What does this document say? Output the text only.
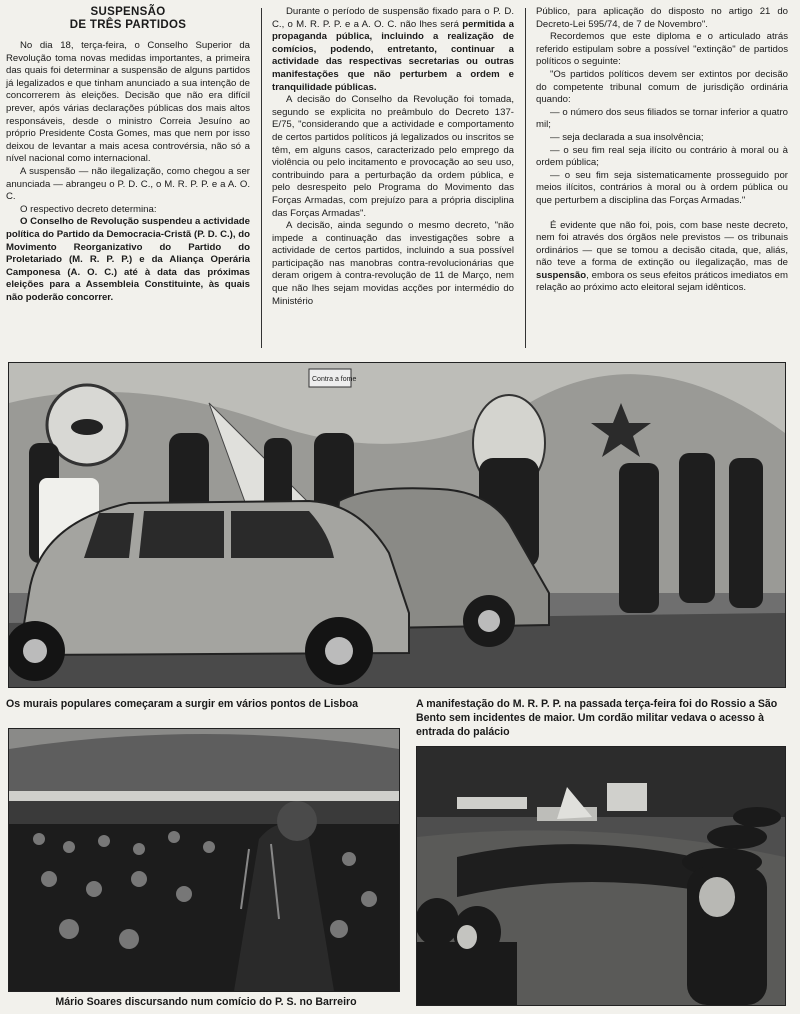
SUSPENSÃO
DE TRÊS PARTIDOS

No dia 18, terça-feira, o Conselho Superior da Revolução toma novas medidas importantes, a primeira das quais foi determinar a suspensão de alguns partidos já legalizados e que tinham anunciado a sua intenção de concorrerem às eleições. Decisão que não era difícil prever, após várias declarações públicas dos mais altos responsáveis, desde o ministro Correia Jesuíno ao próprio Presidente Costa Gomes, mas que nem por isso deixou de levantar a mais acesa controvérsia, não só a nível nacional como internacional.

A suspensão — não ilegalização, como chegou a ser anunciada — abrangeu o P. D. C., o M. R. P. P. e a A. O. C.

O respectivo decreto determina:

O Conselho de Revolução suspendeu a actividade política do Partido da Democracia-Cristã (P. D. C.), do Movimento Reorganizativo do Partido do Proletariado (M. R. P. P.) e da Aliança Operária Camponesa (A. O. C.) até à data das próximas eleições para a Assembleia Constituinte, às quais não poderão concorrer.

Durante o período de suspensão fixado para o P. D. C., o M. R. P. P. e a A. O. C. não lhes será permitida a propaganda pública, incluindo a realização de comícios, podendo, entretanto, continuar a actividade das respectivas secretarias ou outras manifestações que não perturbem a ordem e tranquilidade públicas.

A decisão do Conselho da Revolução foi tomada, segundo se explicita no preâmbulo do Decreto 137-E/75, "considerando que a actividade e comportamento de certos partidos políticos já legalizados ou inscritos se têm, em alguns casos, caracterizado pelo emprego da violência ou pelo incitamento e provocação ao seu uso, contribuindo para a perturbação da ordem pública, e pelo desrespeito pelo Programa do Movimento das Forças Armadas, com prejuízo para a própria disciplina das Forças Armadas".

A decisão, ainda segundo o mesmo decreto, "não impede a continuação das investigações sobre a actividade de certos partidos, incluindo a sua possível participação nas manobras contra-revolucionárias que deram origem à contra-revolução de 11 de Março, nem que não lhes sejam movidas acções por intermédio do Ministério

Público, para aplicação do disposto no artigo 21 do Decreto-Lei 595/74, de 7 de Novembro".

Recordemos que este diploma e o articulado atrás referido estipulam sobre a possível "extinção" de partidos políticos o seguinte:

"Os partidos políticos devem ser extintos por decisão do competente tribunal comum de jurisdição ordinária quando:

— o número dos seus filiados se tornar inferior a quatro mil;

— seja declarada a sua insolvência;

— o seu fim real seja ilícito ou contrário à moral ou à ordem pública;

— o seu fim seja sistematicamente prosseguido por meios ilícitos, contrários à moral ou à ordem pública ou que perturbem a disciplina das Forças Armadas."

É evidente que não foi, pois, com base neste decreto, nem foi através dos órgãos nele previstos — os tribunais ordinários — que se tomou a decisão citada, que, aliás, não teve a forma de extinção ou ilegalização, mas de suspensão, embora os seus efeitos práticos imediatos em relação ao próximo acto eleitoral sejam idênticos.

Contra a fome
Os murais populares começaram a surgir em vários pontos de Lisboa	A manifestação do M. R. P. P. na passada terça-feira foi do Rossio a São Bento sem incidentes de maior. Um cordão militar vedava o acesso à entrada do palácio
Mário Soares discursando num comício do P. S. no Barreiro
